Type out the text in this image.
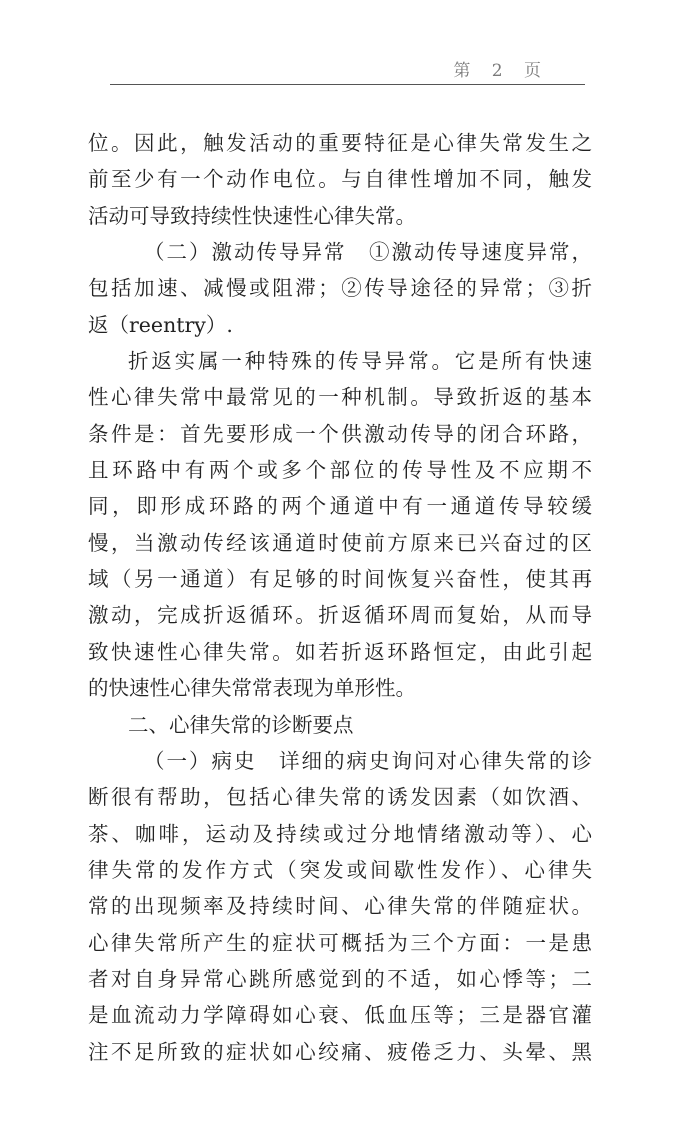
第 2 页
位。因此，触发活动的重要特征是心律失常发生之
前至少有一个动作电位。与自律性增加不同，触发
活动可导致持续性快速性心律失常。
（二）激动传导异常　①激动传导速度异常，
包括加速、减慢或阻滞；②传导途径的异常；③折
返（reentry）.
折返实属一种特殊的传导异常。它是所有快速
性心律失常中最常见的一种机制。导致折返的基本
条件是：首先要形成一个供激动传导的闭合环路，
且环路中有两个或多个部位的传导性及不应期不
同，即形成环路的两个通道中有一通道传导较缓
慢，当激动传经该通道时使前方原来已兴奋过的区
域（另一通道）有足够的时间恢复兴奋性，使其再
激动，完成折返循环。折返循环周而复始，从而导
致快速性心律失常。如若折返环路恒定，由此引起
的快速性心律失常常表现为单形性。
二、心律失常的诊断要点
（一）病史　详细的病史询问对心律失常的诊
断很有帮助，包括心律失常的诱发因素（如饮酒、
茶、咖啡，运动及持续或过分地情绪激动等）、心
律失常的发作方式（突发或间歇性发作）、心律失
常的出现频率及持续时间、心律失常的伴随症状。
心律失常所产生的症状可概括为三个方面：一是患
者对自身异常心跳所感觉到的不适，如心悸等；二
是血流动力学障碍如心衰、低血压等；三是器官灌
注不足所致的症状如心绞痛、疲倦乏力、头晕、黑
